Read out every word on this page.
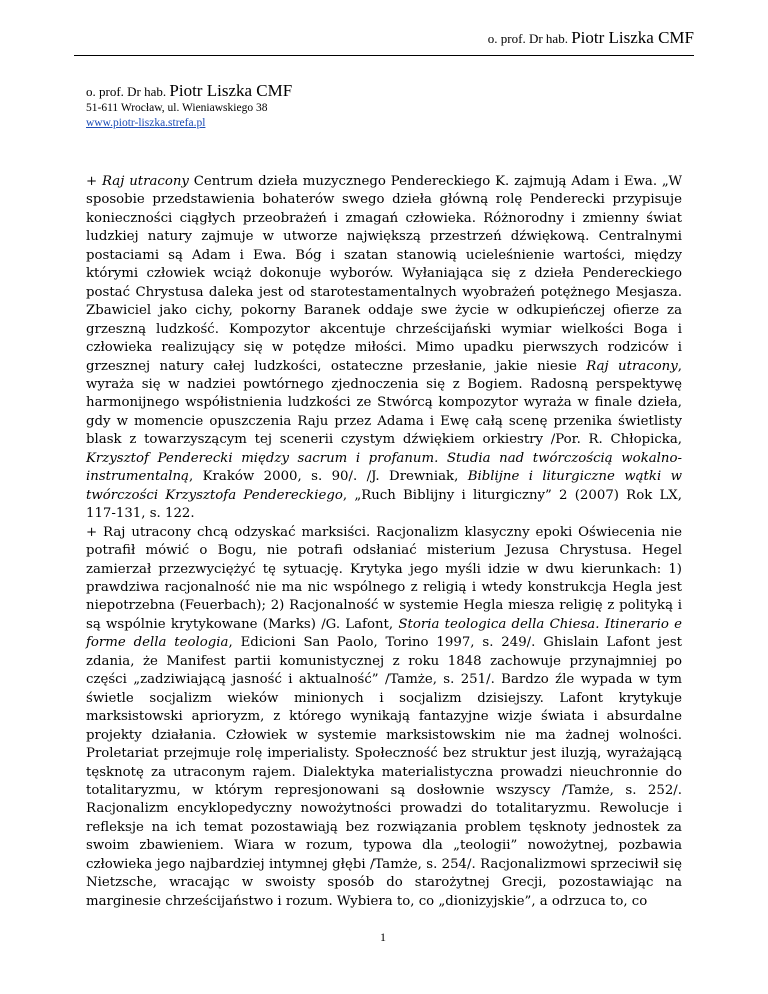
o. prof. Dr hab. Piotr Liszka CMF
o. prof. Dr hab. Piotr Liszka CMF
51-611 Wrocław, ul. Wieniawskiego 38
www.piotr-liszka.strefa.pl

+ Raj utracony Centrum dzieła muzycznego Pendereckiego K. zajmują Adam i Ewa. „W sposobie przedstawienia bohaterów swego dzieła główną rolę Penderecki przypisuje konieczności ciągłych przeobrażeń i zmagań człowieka. Różnorodny i zmienny świat ludzkiej natury zajmuje w utworze największą przestrzeń dźwiękową. Centralnymi postaciami są Adam i Ewa. Bóg i szatan stanowią ucieleśnienie wartości, między którymi człowiek wciąż dokonuje wyborów. Wyłaniająca się z dzieła Pendereckiego postać Chrystusa daleka jest od starotestamentalnych wyobrażeń potężnego Mesjasza. Zbawiciel jako cichy, pokorny Baranek oddaje swe życie w odkupieńczej ofierze za grzeszną ludzkość. Kompozytor akcentuje chrześcijański wymiar wielkości Boga i człowieka realizujący się w potędze miłości. Mimo upadku pierwszych rodziców i grzesznej natury całej ludzkości, ostateczne przesłanie, jakie niesie Raj utracony, wyraża się w nadziei powtórnego zjednoczenia się z Bogiem. Radosną perspektywę harmonijnego współistnienia ludzkości ze Stwórcą kompozytor wyraża w finale dzieła, gdy w momencie opuszczenia Raju przez Adama i Ewę całą scenę przenika świetlisty blask z towarzyszącym tej scenerii czystym dźwiękiem orkiestry /Por. R. Chłopicka, Krzysztof Penderecki między sacrum i profanum. Studia nad twórczością wokalno-instrumentalną, Kraków 2000, s. 90/. /J. Drewniak, Biblijne i liturgiczne wątki w twórczości Krzysztofa Pendereckiego, „Ruch Biblijny i liturgiczny” 2 (2007) Rok LX, 117-131, s. 122.

+ Raj utracony chcą odzyskać marksiści. Racjonalizm klasyczny epoki Oświecenia nie potrafił mówić o Bogu, nie potrafi odsłaniać misterium Jezusa Chrystusa. Hegel zamierzał przezwyciężyć tę sytuację. Krytyka jego myśli idzie w dwu kierunkach: 1) prawdziwa racjonalność nie ma nic wspólnego z religią i wtedy konstrukcja Hegla jest niepotrzebna (Feuerbach); 2) Racjonalność w systemie Hegla miesza religię z polityką i są wspólnie krytykowane (Marks) /G. Lafont, Storia teologica della Chiesa. Itinerario e forme della teologia, Edicioni San Paolo, Torino 1997, s. 249/. Ghislain Lafont jest zdania, że Manifest partii komunistycznej z roku 1848 zachowuje przynajmniej po części „zadziwiającą jasność i aktualność” /Tamże, s. 251/. Bardzo źle wypada w tym świetle socjalizm wieków minionych i socjalizm dzisiejszy. Lafont krytykuje marksistowski aprioryzm, z którego wynikają fantazyjne wizje świata i absurdalne projekty działania. Człowiek w systemie marksistowskim nie ma żadnej wolności. Proletariat przejmuje rolę imperialisty. Społeczność bez struktur jest iluzją, wyrażającą tęsknotę za utraconym rajem. Dialektyka materialistyczna prowadzi nieuchronnie do totalitaryzmu, w którym represjonowani są dosłownie wszyscy /Tamże, s. 252/. Racjonalizm encyklopedyczny nowożytności prowadzi do totalitaryzmu. Rewolucje i refleksje na ich temat pozostawiają bez rozwiązania problem tęsknoty jednostek za swoim zbawieniem. Wiara w rozum, typowa dla „teologii” nowożytnej, pozbawia człowieka jego najbardziej intymnej głębi /Tamże, s. 254/. Racjonalizmowi sprzeciwił się Nietzsche, wracając w swoisty sposób do starożytnej Grecji, pozostawiając na marginesie chrześcijaństwo i rozum. Wybiera to, co „dionizyjskie”, a odrzuca to, co

1
